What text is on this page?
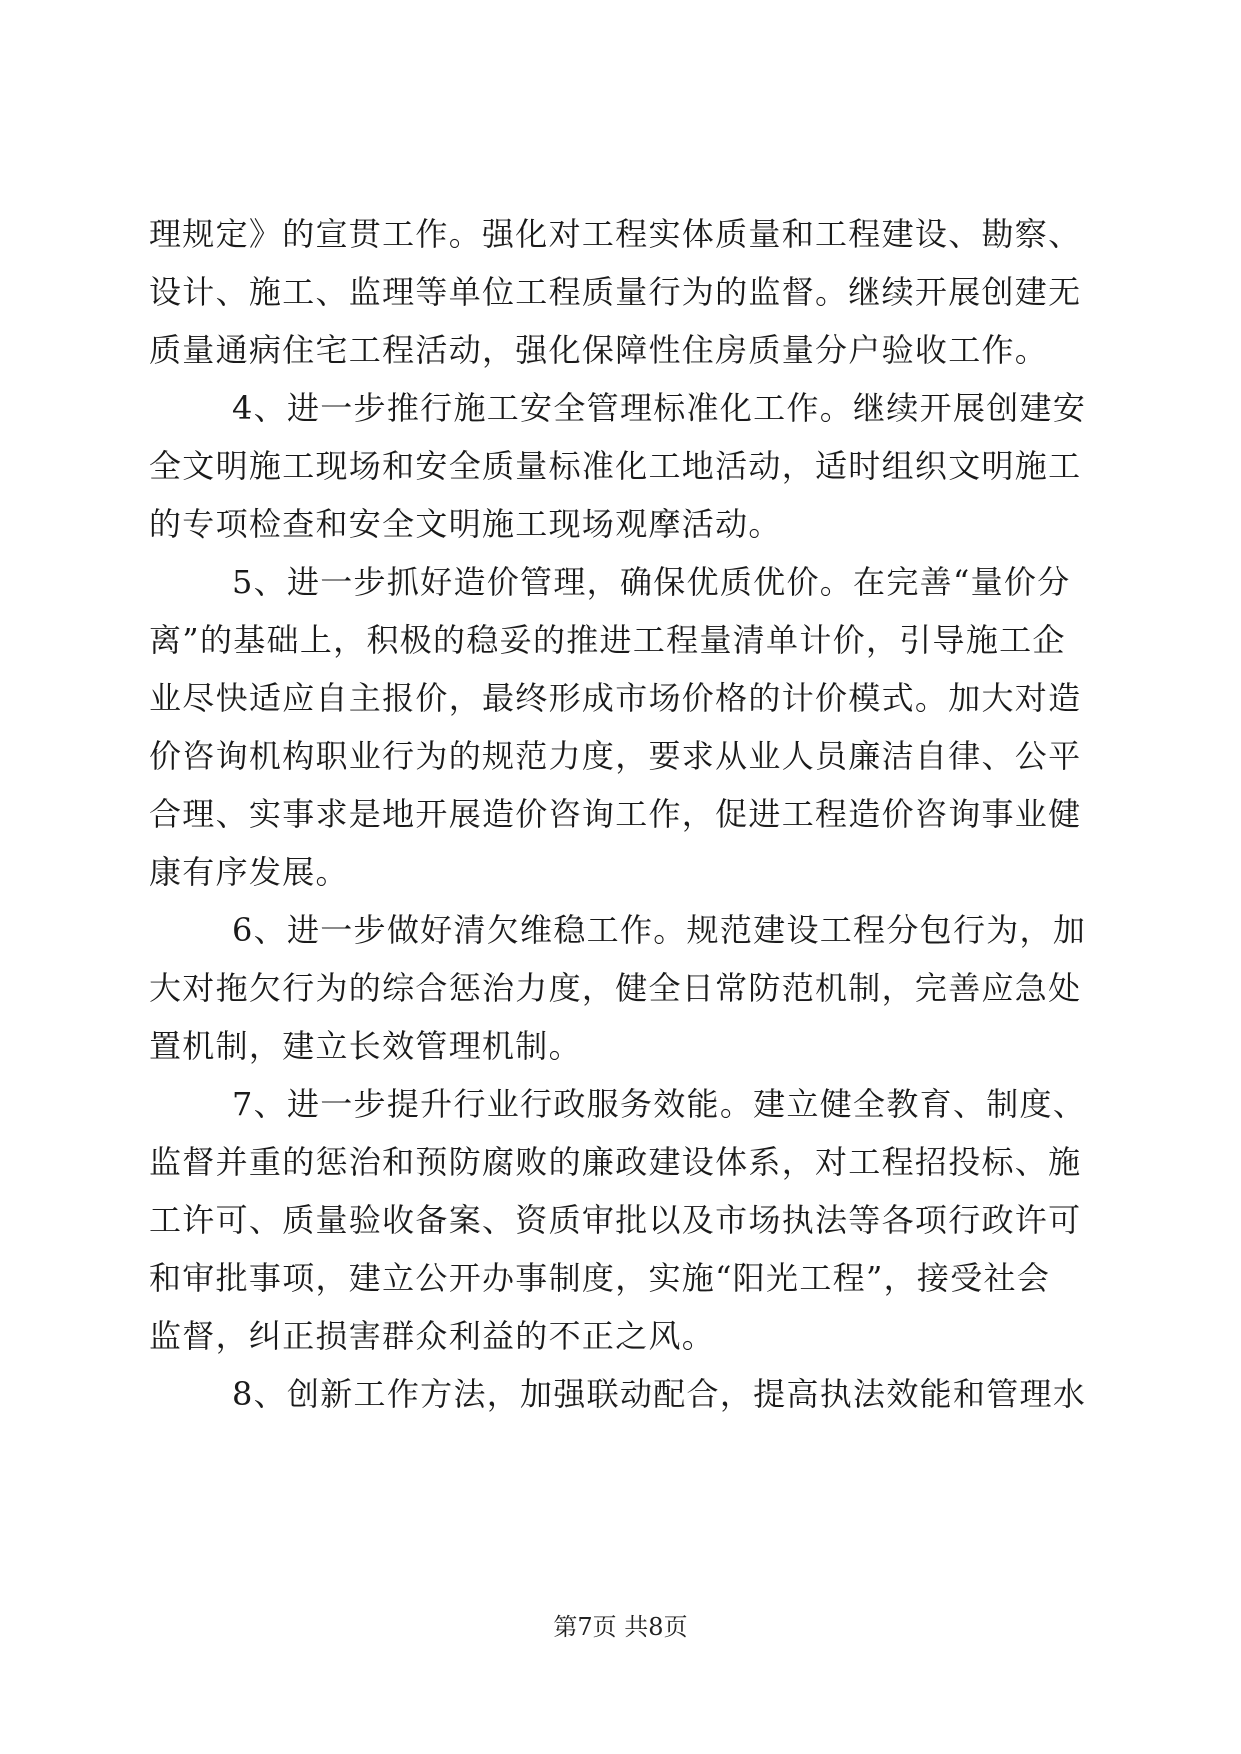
理规定》的宣贯工作。强化对工程实体质量和工程建设、勘察、
设计、施工、监理等单位工程质量行为的监督。继续开展创建无
质量通病住宅工程活动，强化保障性住房质量分户验收工作。
4、进一步推行施工安全管理标准化工作。继续开展创建安
全文明施工现场和安全质量标准化工地活动，适时组织文明施工
的专项检查和安全文明施工现场观摩活动。
5、进一步抓好造价管理，确保优质优价。在完善“量价分
离”的基础上，积极的稳妥的推进工程量清单计价，引导施工企
业尽快适应自主报价，最终形成市场价格的计价模式。加大对造
价咨询机构职业行为的规范力度，要求从业人员廉洁自律、公平
合理、实事求是地开展造价咨询工作，促进工程造价咨询事业健
康有序发展。
6、进一步做好清欠维稳工作。规范建设工程分包行为，加
大对拖欠行为的综合惩治力度，健全日常防范机制，完善应急处
置机制，建立长效管理机制。
7、进一步提升行业行政服务效能。建立健全教育、制度、
监督并重的惩治和预防腐败的廉政建设体系，对工程招投标、施
工许可、质量验收备案、资质审批以及市场执法等各项行政许可
和审批事项，建立公开办事制度，实施“阳光工程”，接受社会
监督，纠正损害群众利益的不正之风。
8、创新工作方法，加强联动配合，提高执法效能和管理水
第7页 共8页
